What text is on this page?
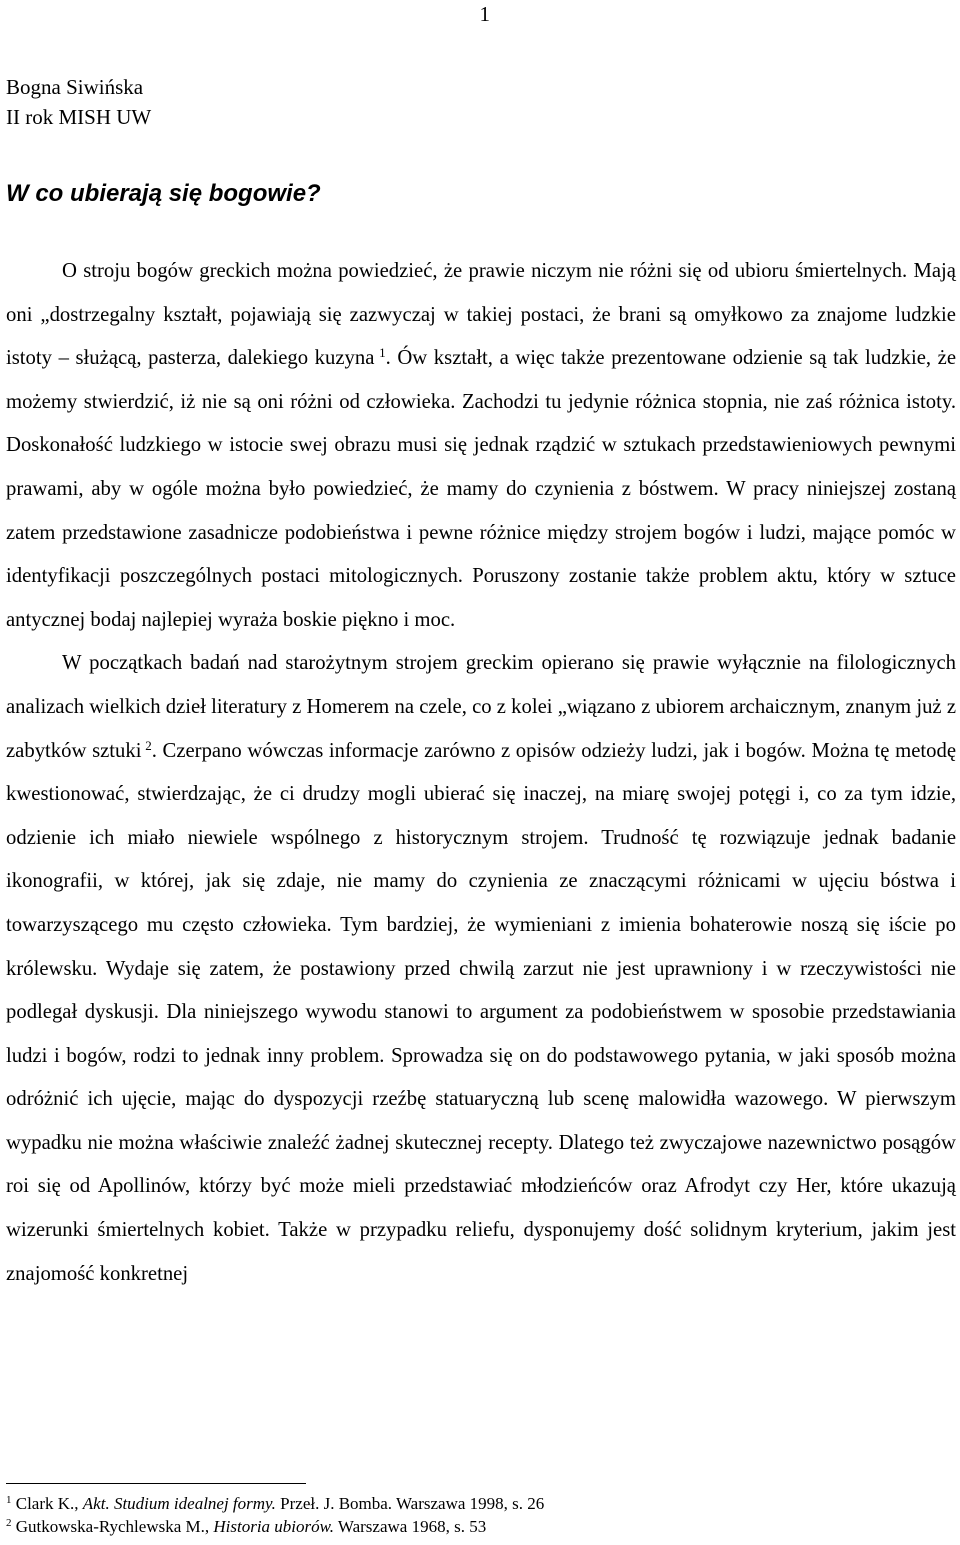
1
Bogna Siwińska
II rok MISH UW
W co ubierają się bogowie?

O stroju bogów greckich można powiedzieć, że prawie niczym nie różni się od ubioru śmiertelnych. Mają oni „dostrzegalny kształt, pojawiają się zazwyczaj w takiej postaci, że brani są omyłkowo za znajome ludzkie istoty – służącą, pasterza, dalekiego kuzyna $^1$. Ów kształt, a więc także prezentowane odzienie są tak ludzkie, że możemy stwierdzić, iż nie są oni różni od człowieka. Zachodzi tu jedynie różnica stopnia, nie zaś różnica istoty. Doskonałość ludzkiego w istocie swej obrazu musi się jednak rządzić w sztukach przedstawieniowych pewnymi prawami, aby w ogóle można było powiedzieć, że mamy do czynienia z bóstwem. W pracy niniejszej zostaną zatem przedstawione zasadnicze podobieństwa i pewne różnice między strojem bogów i ludzi, mające pomóc w identyfikacji poszczególnych postaci mitologicznych. Poruszony zostanie także problem aktu, który w sztuce antycznej bodaj najlepiej wyraża boskie piękno i moc.

W początkach badań nad starożytnym strojem greckim opierano się prawie wyłącznie na filologicznych analizach wielkich dzieł literatury z Homerem na czele, co z kolei „wiązano z ubiorem archaicznym, znanym już z zabytków sztuki $^2$. Czerpano wówczas informacje zarówno z opisów odzieży ludzi, jak i bogów. Można tę metodę kwestionować, stwierdzając, że ci drudzy mogli ubierać się inaczej, na miarę swojej potęgi i, co za tym idzie, odzienie ich miało niewiele wspólnego z historycznym strojem. Trudność tę rozwiązuje jednak badanie ikonografii, w której, jak się zdaje, nie mamy do czynienia ze znaczącymi różnicami w ujęciu bóstwa i towarzyszącego mu często człowieka. Tym bardziej, że wymieniani z imienia bohaterowie noszą się iście po królewsku. Wydaje się zatem, że postawiony przed chwilą zarzut nie jest uprawniony i w rzeczywistości nie podlegał dyskusji. Dla niniejszego wywodu stanowi to argument za podobieństwem w sposobie przedstawiania ludzi i bogów, rodzi to jednak inny problem. Sprowadza się on do podstawowego pytania, w jaki sposób można odróżnić ich ujęcie, mając do dyspozycji rzeźbę statuaryczną lub scenę malowidła wazowego. W pierwszym wypadku nie można właściwie znaleźć żadnej skutecznej recepty. Dlatego też zwyczajowe nazewnictwo posągów roi się od Apollinów, którzy być może mieli przedstawiać młodzieńców oraz Afrodyt czy Her, które ukazują wizerunki śmiertelnych kobiet. Także w przypadku reliefu, dysponujemy dość solidnym kryterium, jakim jest znajomość konkretnej

$^1$ Clark K., Akt. Studium idealnej formy. Przeł. J. Bomba. Warszawa 1998, s. 26
$^2$ Gutkowska-Rychlewska M., Historia ubiorów. Warszawa 1968, s. 53
